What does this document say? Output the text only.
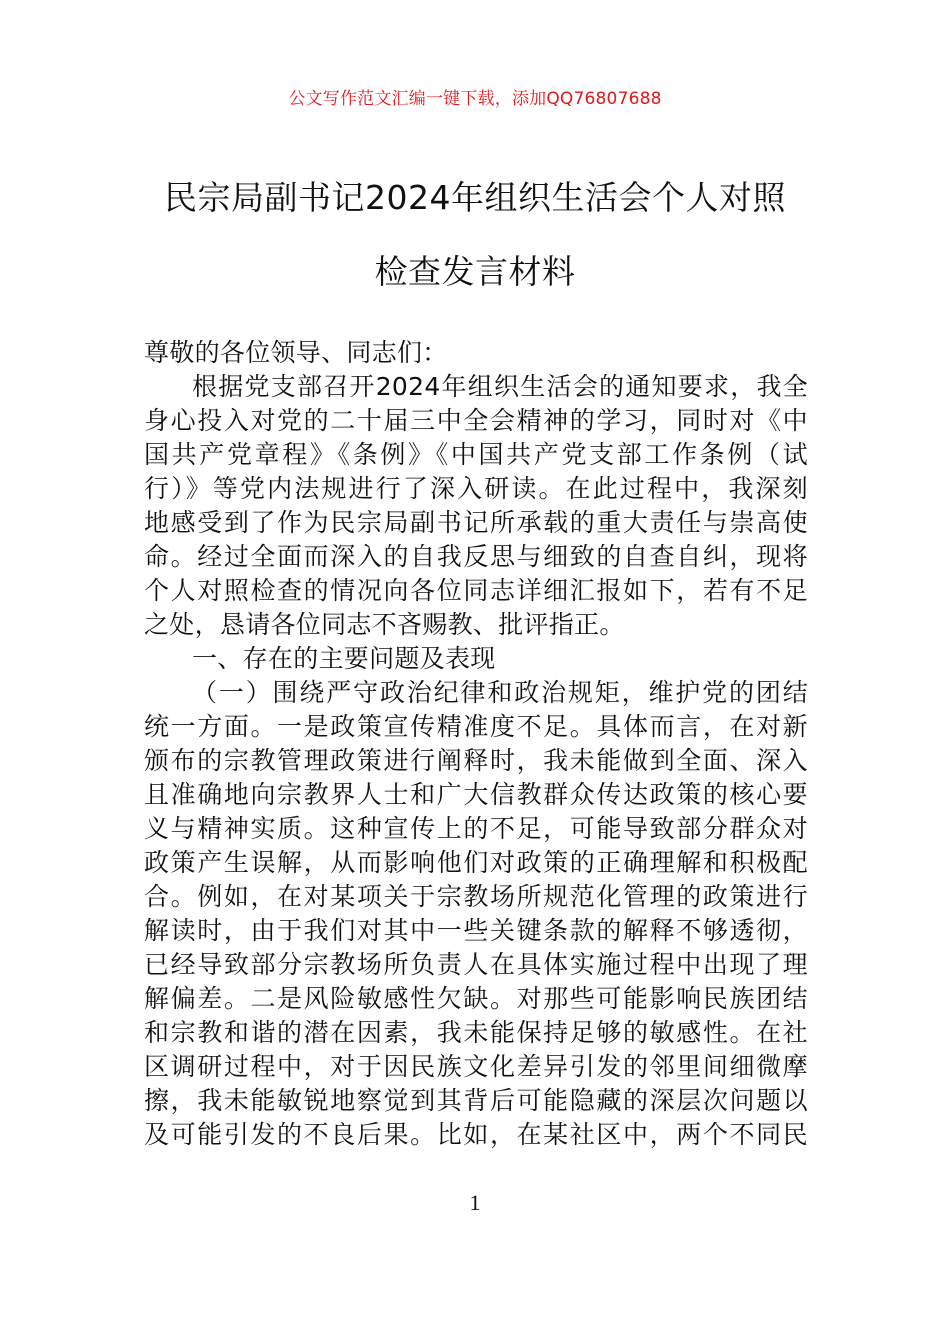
公文写作范文汇编一键下载，添加QQ76807688
民宗局副书记2024年组织生活会个人对照
检查发言材料
尊敬的各位领导、同志们：
根据党支部召开2024年组织生活会的通知要求，我全
身心投入对党的二十届三中全会精神的学习，同时对《中
国共产党章程》《条例》《中国共产党支部工作条例（试
行）》等党内法规进行了深入研读。在此过程中，我深刻
地感受到了作为民宗局副书记所承载的重大责任与崇高使
命。经过全面而深入的自我反思与细致的自查自纠，现将
个人对照检查的情况向各位同志详细汇报如下，若有不足
之处，恳请各位同志不吝赐教、批评指正。
一、存在的主要问题及表现
（一）围绕严守政治纪律和政治规矩，维护党的团结
统一方面。一是政策宣传精准度不足。具体而言，在对新
颁布的宗教管理政策进行阐释时，我未能做到全面、深入
且准确地向宗教界人士和广大信教群众传达政策的核心要
义与精神实质。这种宣传上的不足，可能导致部分群众对
政策产生误解，从而影响他们对政策的正确理解和积极配
合。例如，在对某项关于宗教场所规范化管理的政策进行
解读时，由于我们对其中一些关键条款的解释不够透彻，
已经导致部分宗教场所负责人在具体实施过程中出现了理
解偏差。二是风险敏感性欠缺。对那些可能影响民族团结
和宗教和谐的潜在因素，我未能保持足够的敏感性。在社
区调研过程中，对于因民族文化差异引发的邻里间细微摩
擦，我未能敏锐地察觉到其背后可能隐藏的深层次问题以
及可能引发的不良后果。比如，在某社区中，两个不同民
1
